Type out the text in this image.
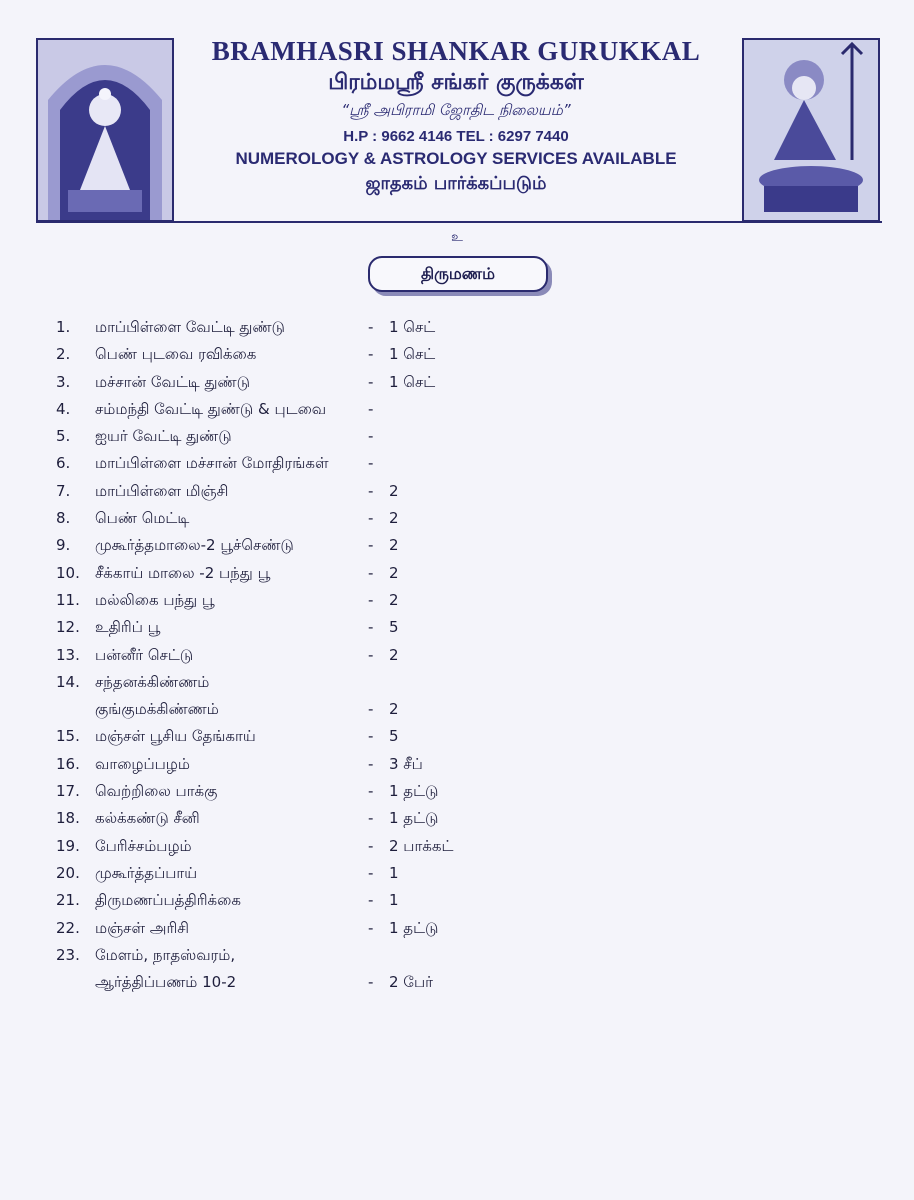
BRAMHASRI SHANKAR GURUKKAL
பிரம்மஸ்ரீ சங்கர் குருக்கள்
“ஸ்ரீ அபிராமி ஜோதிட நிலையம்”
H.P : 9662 4146 TEL : 6297 7440
NUMEROLOGY & ASTROLOGY SERVICES AVAILABLE
ஜாதகம் பார்க்கப்படும்
உ
திருமணம்
1.	மாப்பிள்ளை வேட்டி துண்டு	- 1 செட்
2.	பெண் புடவை ரவிக்கை	- 1 செட்
3.	மச்சான் வேட்டி துண்டு	- 1 செட்
4.	சம்மந்தி வேட்டி துண்டு & புடவை	-
5.	ஐயர் வேட்டி துண்டு	-
6.	மாப்பிள்ளை மச்சான் மோதிரங்கள்	-
7.	மாப்பிள்ளை மிஞ்சி	- 2
8.	பெண் மெட்டி	- 2
9.	முகூர்த்தமாலை-2 பூச்செண்டு	- 2
10.	சீக்காய் மாலை -2 பந்து பூ	- 2
11.	மல்லிகை பந்து பூ	- 2
12.	உதிரிப் பூ	- 5
13.	பன்னீர் செட்டு	- 2
14.	சந்தனக்கிண்ணம்
குங்குமக்கிண்ணம்	- 2
15.	மஞ்சள் பூசிய தேங்காய்	- 5
16.	வாழைப்பழம்	- 3 சீப்
17.	வெற்றிலை பாக்கு	- 1 தட்டு
18.	கல்க்கண்டு சீனி	- 1 தட்டு
19.	பேரிச்சம்பழம்	- 2 பாக்கட்
20.	முகூர்த்தப்பாய்	- 1
21.	திருமணப்பத்திரிக்கை	- 1
22.	மஞ்சள் அரிசி	- 1 தட்டு
23.	மேளம், நாதஸ்வரம்,
ஆர்த்திப்பணம் 10-2	- 2 பேர்
